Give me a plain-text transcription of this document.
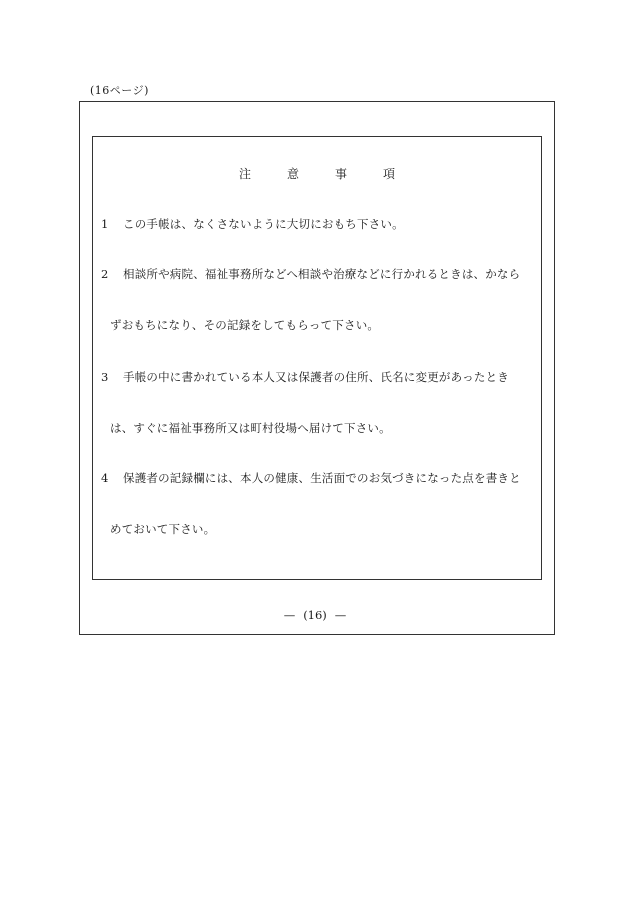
(16ページ)
注	意	事	項
1 この手帳は、なくさないように大切におもち下さい。
2 相談所や病院、福祉事務所などへ相談や治療などに行かれるときは、かなら
ずおもちになり、その記録をしてもらって下さい。
3 手帳の中に書かれている本人又は保護者の住所、氏名に変更があったとき
は、すぐに福祉事務所又は町村役場へ届けて下さい。
4 保護者の記録欄には、本人の健康、生活面でのお気づきになった点を書きと
めておいて下さい。
— (16) —
